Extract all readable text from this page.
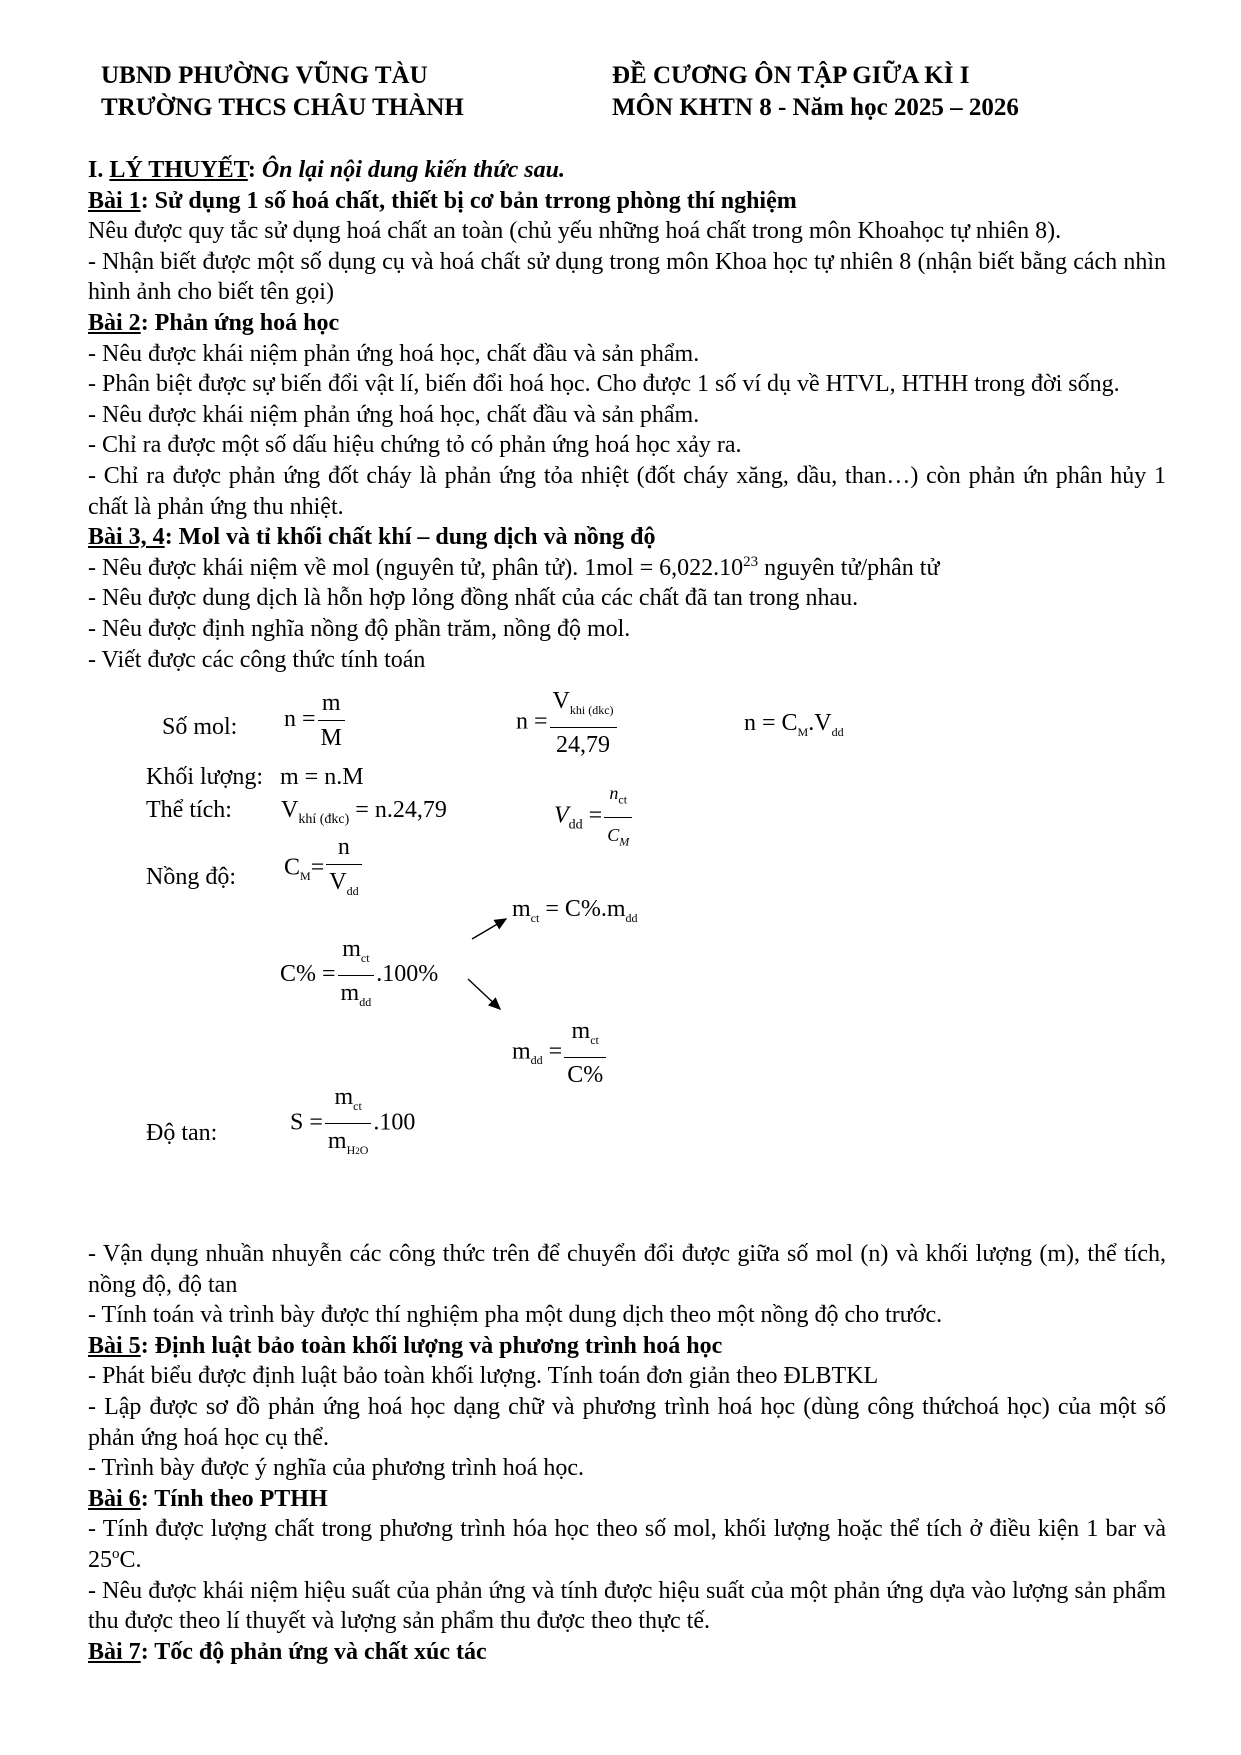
UBND PHƯỜNG VŨNG TÀU
TRƯỜNG THCS CHÂU THÀNH
ĐỀ CƯƠNG ÔN TẬP GIỮA KÌ I
MÔN KHTN 8 - Năm học 2025 – 2026

I. LÝ THUYẾT: Ôn lại nội dung kiến thức sau.

Bài 1: Sử dụng 1 số hoá chất, thiết bị cơ bản trrong phòng thí nghiệm

Nêu được quy tắc sử dụng hoá chất an toàn (chủ yếu những hoá chất trong môn Khoahọc tự nhiên 8).

- Nhận biết được một số dụng cụ và hoá chất sử dụng trong môn Khoa học tự nhiên 8 (nhận biết bằng cách nhìn hình ảnh cho biết tên gọi)

Bài 2: Phản ứng hoá học

- Nêu được khái niệm phản ứng hoá học, chất đầu và sản phẩm.

- Phân biệt được sự biến đổi vật lí, biến đổi hoá học. Cho được 1 số ví dụ về HTVL, HTHH trong đời sống.

- Nêu được khái niệm phản ứng hoá học, chất đầu và sản phẩm.

- Chỉ ra được một số dấu hiệu chứng tỏ có phản ứng hoá học xảy ra.

- Chỉ ra được phản ứng đốt cháy là phản ứng tỏa nhiệt (đốt cháy xăng, dầu, than…) còn phản ứn phân hủy 1 chất là phản ứng thu nhiệt.

Bài 3, 4: Mol và tỉ khối chất khí – dung dịch và nồng độ

- Nêu được khái niệm về mol (nguyên tử, phân tử). $1mol = 6,022.10^{23}$ nguyên tử/phân tử

- Nêu được dung dịch là hỗn hợp lỏng đồng nhất của các chất đã tan trong nhau.

- Nêu được định nghĩa nồng độ phần trăm, nồng độ mol.

- Viết được các công thức tính toán

Số mol: $n = \frac{m}{M}$	$n = \frac{V_{khi (dkc)}}{24,79}$	$n = C_M.V_{dd}$
Khối lượng: m = n.M
Thể tích: $V_{khí (đkc)} = n.24,79$	$V_{dd} = \frac{n_{ct}}{C_M}$
Nồng độ: $C_M= \frac{n}{V_{dd}}$
$m_{ct} = C\%.m_{dd}$
$C\% = \frac{m_{ct}}{m_{dd}} .100\%$
$m_{dd} = \frac{m_{ct}}{C\%}$
Độ tan:	$S = \frac{m_{ct}}{m_{H2O}} .100$

- Vận dụng nhuần nhuyễn các công thức trên để chuyển đổi được giữa số mol (n) và khối lượng (m), thể tích, nồng độ, độ tan

- Tính toán và trình bày được thí nghiệm pha một dung dịch theo một nồng độ cho trước.

Bài 5: Định luật bảo toàn khối lượng và phương trình hoá học

- Phát biểu được định luật bảo toàn khối lượng. Tính toán đơn giản theo ĐLBTKL

- Lập được sơ đồ phản ứng hoá học dạng chữ và phương trình hoá học (dùng công thứchoá học) của một số phản ứng hoá học cụ thể.

- Trình bày được ý nghĩa của phương trình hoá học.

Bài 6: Tính theo PTHH

- Tính được lượng chất trong phương trình hóa học theo số mol, khối lượng hoặc thể tích ở điều kiện 1 bar và 25$^o$C.

- Nêu được khái niệm hiệu suất của phản ứng và tính được hiệu suất của một phản ứng dựa vào lượng sản phẩm thu được theo lí thuyết và lượng sản phẩm thu được theo thực tế.

Bài 7: Tốc độ phản ứng và chất xúc tác
